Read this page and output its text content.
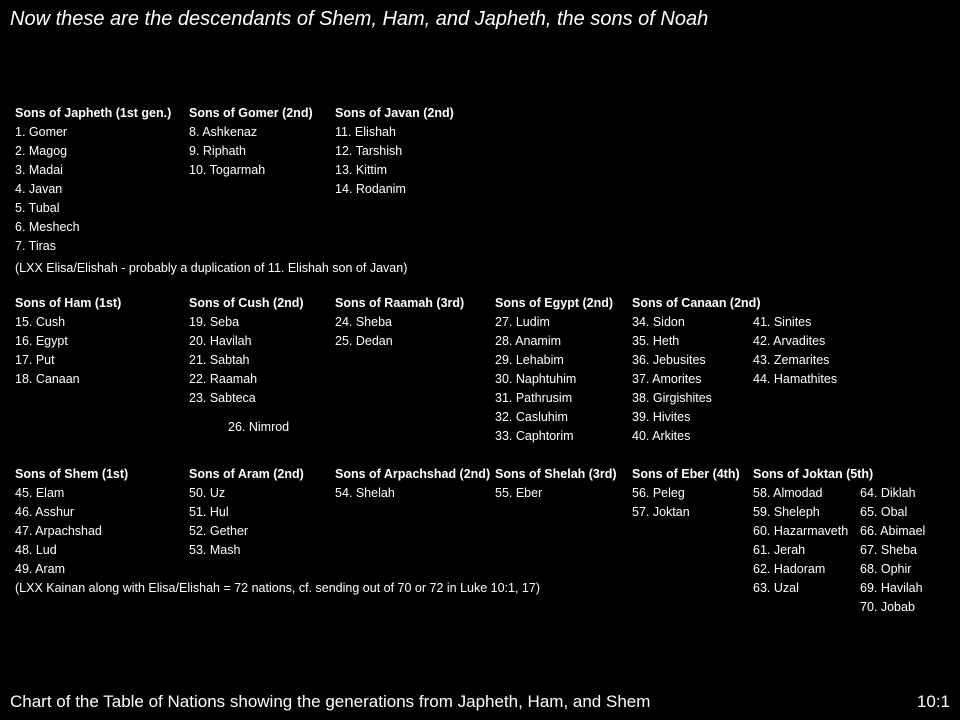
Now these are the descendants of Shem, Ham, and Japheth, the sons of Noah
Sons of Japheth (1st gen.)
1. Gomer
2. Magog
3. Madai
4. Javan
5. Tubal
6. Meshech
7. Tiras
Sons of Gomer (2nd)
8. Ashkenaz
9. Riphath
10. Togarmah
Sons of Javan (2nd)
11. Elishah
12. Tarshish
13. Kittim
14. Rodanim
(LXX Elisa/Elishah - probably a duplication of 11. Elishah son of Javan)
Sons of Ham (1st)
15. Cush
16. Egypt
17. Put
18. Canaan
Sons of Cush (2nd)
19. Seba
20. Havilah
21. Sabtah
22. Raamah
23. Sabteca
Sons of Raamah (3rd)
24. Sheba
25. Dedan
Sons of Egypt (2nd)
27. Ludim
28. Anamim
29. Lehabim
30. Naphtuhim
31. Pathrusim
32. Casluhim
33. Caphtorim
Sons of Canaan (2nd)
34. Sidon
35. Heth
36. Jebusites
37. Amorites
38. Girgishites
39. Hivites
40. Arkites

41. Sinites
42. Arvadites
43. Zemarites
44. Hamathites
26. Nimrod
Sons of Shem (1st)
45. Elam
46. Asshur
47. Arpachshad
48. Lud
49. Aram
Sons of Aram (2nd)
50. Uz
51. Hul
52. Gether
53. Mash
Sons of Arpachshad (2nd)
54. Shelah
Sons of Shelah (3rd)
55. Eber
Sons of Eber (4th)
56. Peleg
57. Joktan
Sons of Joktan (5th)
58. Almodad
59. Sheleph
60. Hazarmaveth
61. Jerah
62. Hadoram
63. Uzal

64. Diklah
65. Obal
66. Abimael
67. Sheba
68. Ophir
69. Havilah
70. Jobab
(LXX Kainan along with Elisa/Elishah = 72 nations, cf. sending out of 70 or 72 in Luke 10:1, 17)
Chart of the Table of Nations showing the generations from Japheth, Ham, and Shem	10:1
